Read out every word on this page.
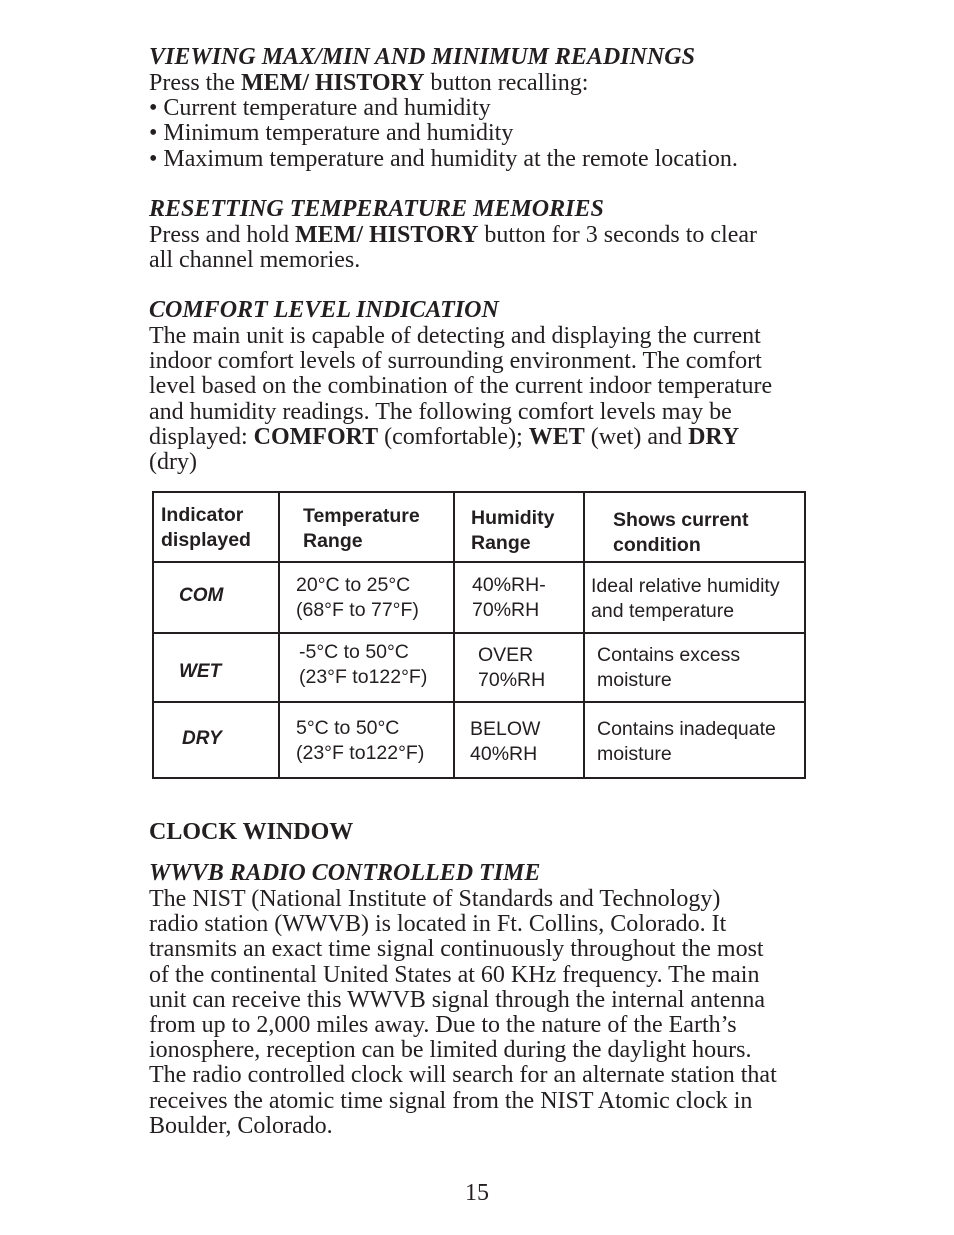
VIEWING MAX/MIN AND MINIMUM READINNGS
Press the MEM/ HISTORY button recalling:
• Current temperature and humidity
• Minimum temperature and humidity
• Maximum temperature and humidity at the remote location.
RESETTING TEMPERATURE MEMORIES
Press and hold MEM/ HISTORY button for 3 seconds to clear
all channel memories.
COMFORT LEVEL INDICATION
The main unit is capable of detecting and displaying the current
indoor comfort levels of surrounding environment. The comfort
level based on the combination of the current indoor temperature
and humidity readings. The following comfort levels may be
displayed: COMFORT (comfortable); WET (wet) and DRY
(dry)
Indicator
displayed
Temperature
Range
Humidity
Range
Shows current
condition
COM	20°C to 25°C
(68°F to 77°F)
40%RH-
70%RH
Ideal relative humidity
and temperature
WET
-5°C to 50°C
(23°F to122°F)
OVER
70%RH
Contains excess
moisture
DRY	5°C to 50°C
(23°F to122°F)
BELOW
40%RH
Contains inadequate
moisture
CLOCK WINDOW
WWVB RADIO CONTROLLED TIME
The NIST (National Institute of Standards and Technology)
radio station (WWVB) is located in Ft. Collins, Colorado. It
transmits an exact time signal continuously throughout the most
of the continental United States at 60 KHz frequency. The main
unit can receive this WWVB signal through the internal antenna
from up to 2,000 miles away. Due to the nature of the Earth’s
ionosphere, reception can be limited during the daylight hours.
The radio controlled clock will search for an alternate station that
receives the atomic time signal from the NIST Atomic clock in
Boulder, Colorado.
15
